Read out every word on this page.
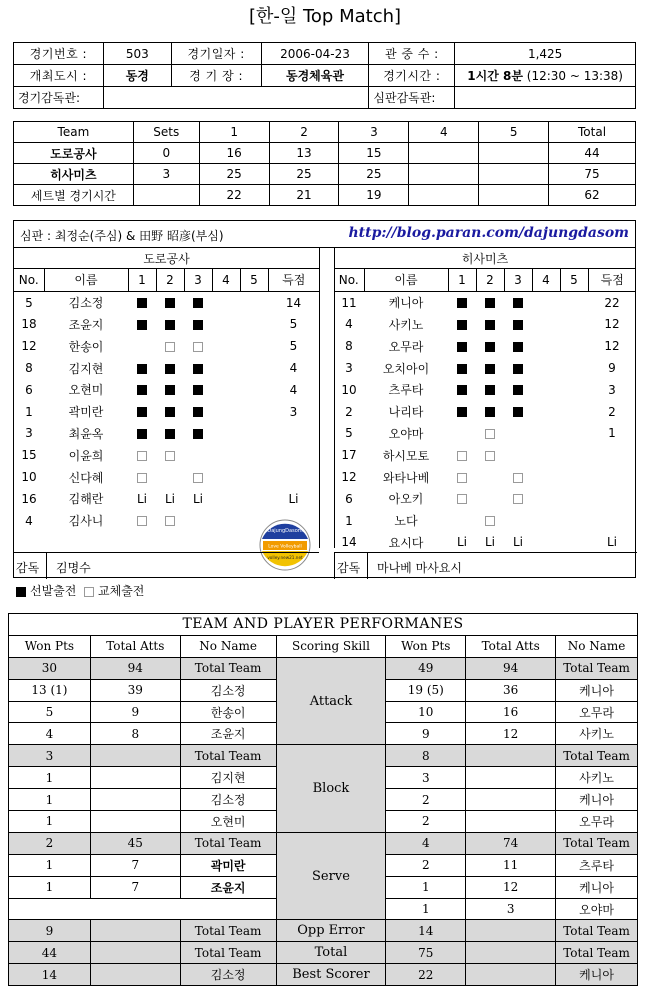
[한-일 Top Match]
경기번호 :	503	경기일자 :	2006-04-23	관 중 수 :	1,425
개최도시 :	동경	경 기 장 :	동경체육관	경기시간 :	1시간 8분 (12:30 ~ 13:38)
경기감독관:				심판감독관:	
Team	Sets	1	2	3	4	5	Total
도로공사	0	16	13	15			44
히사미츠	3	25	25	25			75
세트별 경기시간		22	21	19			62
심판 : 최정순(주심) & 田野 昭彦(부심)	http://blog.paran.com/dajungdasom
도로공사							
No.	이름	1	2	3	4	5	득점
5	김소정						14
18	조윤지						5
12	한송이						5
8	김지현						4
6	오현미						4
1	곽미란						3
3	최윤옥						
15	이윤희						
10	신다혜						
16	김해란	Li	Li	Li			Li
4	김사니						
히사미츠							
No.	이름	1	2	3	4	5	득점
11	케니아						22
4	사키노						12
8	오무라						12
3	오치아이						9
10	츠루타						3
2	나리타						2
5	오야마						1
17	하시모토						
12	와타나베						
6	아오키						
1	노다						
14	요시다	Li	Li	Li			Li
DajungDasom
Love Volleyball
volley.new21.net
감독 김명수	감독 마나베 마사요시
선발출전 교체출전
TEAM AND PLAYER PERFORMANES						
Won Pts	Total Atts	No Name	Scoring Skill	Won Pts	Total Atts	No Name
30	94	Total Team	Attack	49	94	Total Team
13 (1)	39	김소정		19 (5)	36	케니아
5	9	한송이		10	16	오무라
4	8	조윤지		9	12	사키노
3		Total Team	Block	8		Total Team
1		김지현		3		사키노
1		김소정		2		케니아
1		오현미		2		오무라
2	45	Total Team	Serve	4	74	Total Team
1	7	곽미란		2	11	츠루타
1	7	조윤지		1	12	케니아
				1	3	오야마
9		Total Team	Opp Error	14		Total Team
44		Total Team	Total	75		Total Team
14		김소정	Best Scorer	22		케니아
